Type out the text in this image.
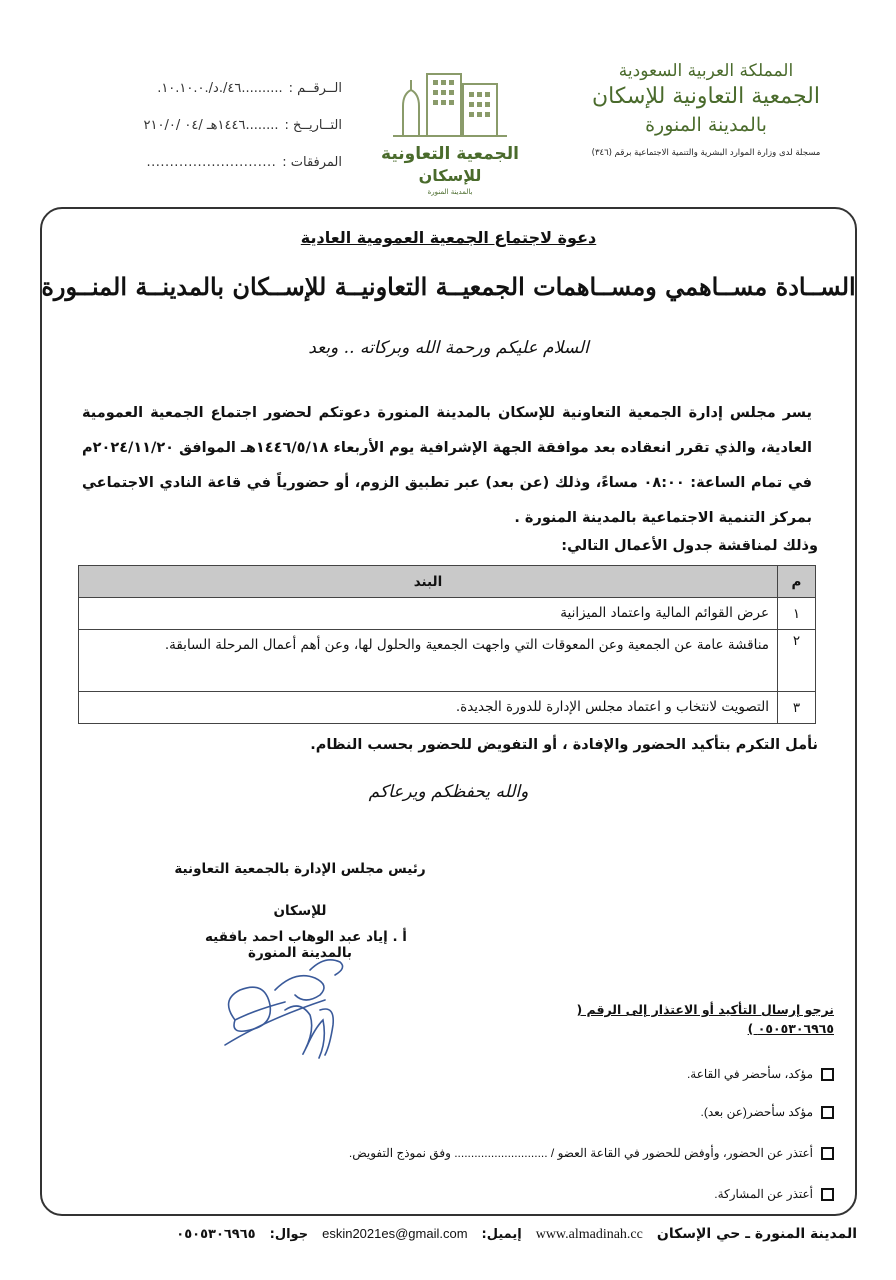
المملكة العربية السعودية
الجمعية التعاونية للإسكان
بالمدينة المنورة
مسجلة لدى وزارة الموارد البشرية والتنمية الاجتماعية برقم (٣٤٦)
الجمعية التعاونية
للإسكان
بالمدينة المنورة
الــرقــم :
..........٤٦/.د/.١٠.١٠.٠.
التــاريــخ :
........١٤٤٦هـ /٠٤ /٢١٠/٠
المرفقات :
............................
دعوة لاجتماع الجمعية العمومية العادية
الســادة مســاهمي ومســاهمات الجمعيــة التعاونيــة للإســكان بالمدينــة المنــورة
السلام عليكم ورحمة الله وبركاته .. وبعد
يسر مجلس إدارة الجمعية التعاونية للإسكان بالمدينة المنورة دعوتكم لحضور اجتماع الجمعية العمومية العادية، والذي تقرر انعقاده بعد موافقة الجهة الإشرافية يوم الأربعاء ١٤٤٦/٥/١٨هـ الموافق ٢٠٢٤/١١/٢٠م في تمام الساعة: ٠٨:٠٠ مساءً، وذلك (عن بعد) عبر تطبيق الزوم، أو حضورياً في قاعة النادي الاجتماعي بمركز التنمية الاجتماعية بالمدينة المنورة .
وذلك لمناقشة جدول الأعمال التالي:
م	البند
١	عرض القوائم المالية واعتماد الميزانية
٢	مناقشة عامة عن الجمعية وعن المعوقات التي واجهت الجمعية والحلول لها، وعن أهم أعمال المرحلة السابقة.
٣	التصويت لانتخاب و اعتماد مجلس الإدارة للدورة الجديدة.
نأمل التكرم بتأكيد الحضور والإفادة ، أو التفويض للحضور بحسب النظام.
والله يحفظكم ويرعاكم
رئيس مجلس الإدارة بالجمعية التعاونية للإسكان
بالمدينة المنورة
أ . إياد عبد الوهاب احمد بافقيه
نرجو إرسال التأكيد أو الاعتذار إلى الرقم (
٠٥٠٥٣٠٦٩٦٥ )
مؤكد، سأحضر في القاعة.
مؤكد سأحضر(عن بعد).
أعتذر عن الحضور، وأوفض للحضور في القاعة العضو / ............................ وفق نموذج التفويض.
أعتذر عن المشاركة.
المدينة المنورة ـ حي الإسكان
www.almadinah.cc
إيميل:
eskin2021es@gmail.com
جوال:
٠٥٠٥٣٠٦٩٦٥
